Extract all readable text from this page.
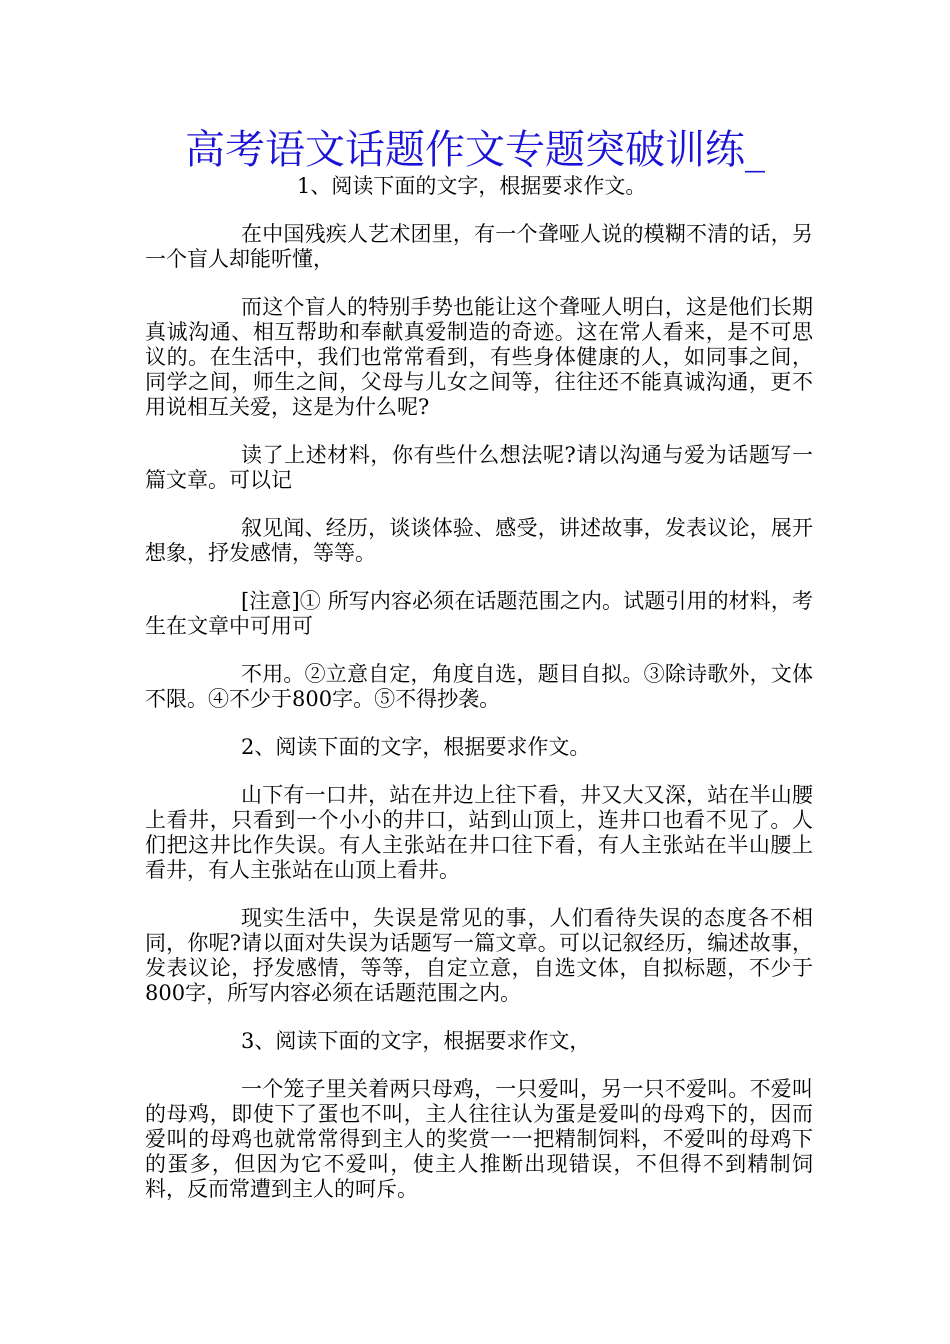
高考语文话题作文专题突破训练_

1、阅读下面的文字，根据要求作文。

在中国残疾人艺术团里，有一个聋哑人说的模糊不清的话，另一个盲人却能听懂，

而这个盲人的特别手势也能让这个聋哑人明白，这是他们长期真诚沟通、相互帮助和奉献真爱制造的奇迹。这在常人看来，是不可思议的。在生活中，我们也常常看到，有些身体健康的人，如同事之间，同学之间，师生之间，父母与儿女之间等，往往还不能真诚沟通，更不用说相互关爱，这是为什么呢?

读了上述材料，你有些什么想法呢?请以沟通与爱为话题写一篇文章。可以记

叙见闻、经历，谈谈体验、感受，讲述故事，发表议论，展开想象，抒发感情，等等。

[注意]① 所写内容必须在话题范围之内。试题引用的材料，考生在文章中可用可

不用。②立意自定，角度自选，题目自拟。③除诗歌外，文体不限。④不少于800字。⑤不得抄袭。

2、阅读下面的文字，根据要求作文。

山下有一口井，站在井边上往下看，井又大又深，站在半山腰上看井，只看到一个小小的井口，站到山顶上，连井口也看不见了。人们把这井比作失误。有人主张站在井口往下看，有人主张站在半山腰上看井，有人主张站在山顶上看井。

现实生活中，失误是常见的事，人们看待失误的态度各不相同，你呢?请以面对失误为话题写一篇文章。可以记叙经历，编述故事，发表议论，抒发感情，等等，自定立意，自选文体，自拟标题，不少于800字，所写内容必须在话题范围之内。

3、阅读下面的文字，根据要求作文，

一个笼子里关着两只母鸡，一只爱叫，另一只不爱叫。不爱叫的母鸡，即使下了蛋也不叫，主人往往认为蛋是爱叫的母鸡下的，因而爱叫的母鸡也就常常得到主人的奖赏一一把精制饲料，不爱叫的母鸡下的蛋多，但因为它不爱叫，使主人推断出现错误，不但得不到精制饲料，反而常遭到主人的呵斥。
